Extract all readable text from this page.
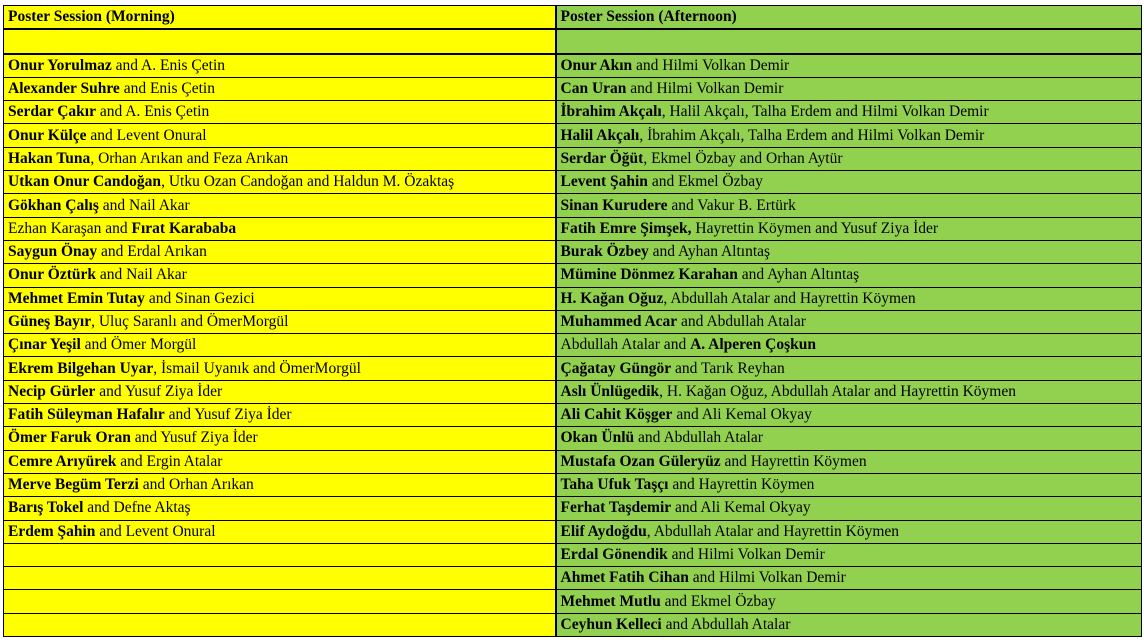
Poster Session (Morning)	Poster Session (Afternoon)

Onur Yorulmaz and A. Enis Çetin	Onur Akın and Hilmi Volkan Demir
Alexander Suhre and Enis Çetin	Can Uran and Hilmi Volkan Demir
Serdar Çakır and A. Enis Çetin	İbrahim Akçalı, Halil Akçalı, Talha Erdem and Hilmi Volkan Demir
Onur Külçe and Levent Onural	Halil Akçalı, İbrahim Akçalı, Talha Erdem and Hilmi Volkan Demir
Hakan Tuna, Orhan Arıkan and Feza Arıkan	Serdar Öğüt, Ekmel Özbay and Orhan Aytür
Utkan Onur Candoğan, Utku Ozan Candoğan and Haldun M. Özaktaş	Levent Şahin and Ekmel Özbay
Gökhan Çalış and Nail Akar	Sinan Kurudere and Vakur B. Ertürk
Ezhan Karaşan and Fırat Karababa	Fatih Emre Şimşek, Hayrettin Köymen and Yusuf Ziya İder
Saygun Önay and Erdal Arıkan	Burak Özbey and Ayhan Altıntaş
Onur Öztürk and Nail Akar	Mümine Dönmez Karahan and Ayhan Altıntaş
Mehmet Emin Tutay and Sinan Gezici	H. Kağan Oğuz, Abdullah Atalar and Hayrettin Köymen
Güneş Bayır, Uluç Saranlı and ÖmerMorgül	Muhammed Acar and Abdullah Atalar
Çınar Yeşil and Ömer Morgül	Abdullah Atalar and A. Alperen Çoşkun
Ekrem Bilgehan Uyar, İsmail Uyanık and ÖmerMorgül	Çağatay Güngör and Tarık Reyhan
Necip Gürler and Yusuf Ziya İder	Aslı Ünlügedik, H. Kağan Oğuz, Abdullah Atalar and Hayrettin Köymen
Fatih Süleyman Hafalır and Yusuf Ziya İder	Ali Cahit Köşger and Ali Kemal Okyay
Ömer Faruk Oran and Yusuf Ziya İder	Okan Ünlü and Abdullah Atalar
Cemre Arıyürek and Ergin Atalar	Mustafa Ozan Güleryüz and Hayrettin Köymen
Merve Begüm Terzi and Orhan Arıkan	Taha Ufuk Taşçı and Hayrettin Köymen
Barış Tokel and Defne Aktaş	Ferhat Taşdemir and Ali Kemal Okyay
Erdem Şahin and Levent Onural	Elif Aydoğdu, Abdullah Atalar and Hayrettin Köymen
	Erdal Gönendik and Hilmi Volkan Demir
	Ahmet Fatih Cihan and Hilmi Volkan Demir
	Mehmet Mutlu and Ekmel Özbay
	Ceyhun Kelleci and Abdullah Atalar
